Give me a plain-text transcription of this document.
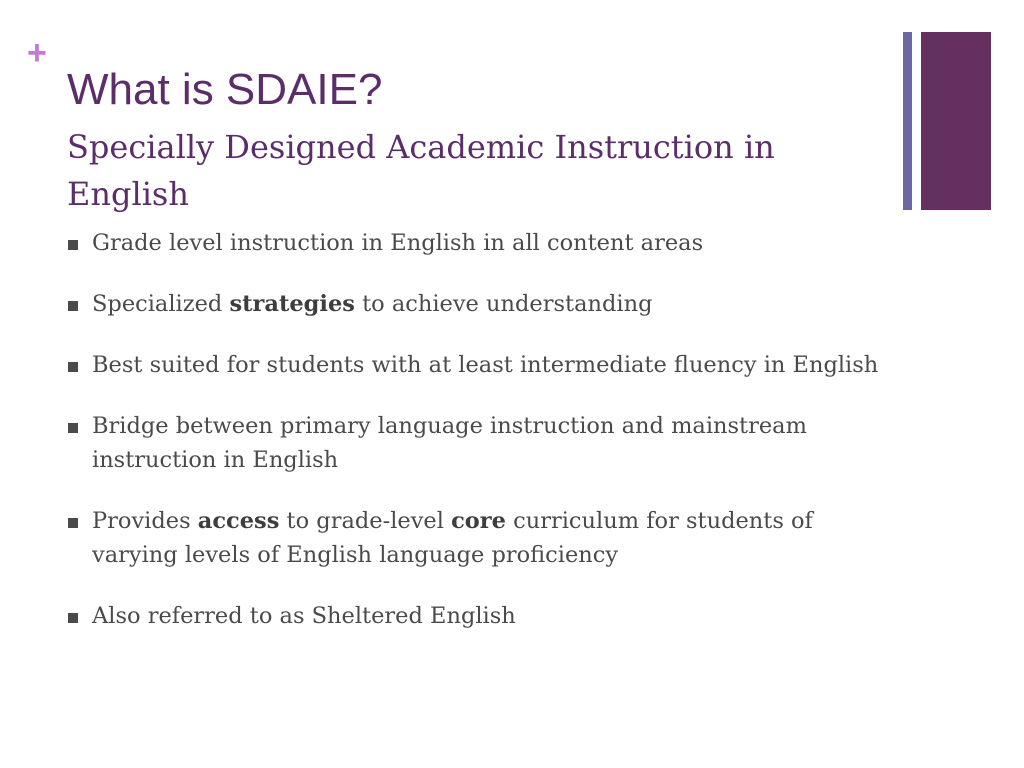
+
What is SDAIE?
Specially Designed Academic Instruction in English
Grade level instruction in English in all content areas
Specialized strategies to achieve understanding
Best suited for students with at least intermediate fluency in English
Bridge between primary language instruction and mainstream instruction in English
Provides access to grade-level core curriculum for students of varying levels of English language proficiency
Also referred to as Sheltered English
